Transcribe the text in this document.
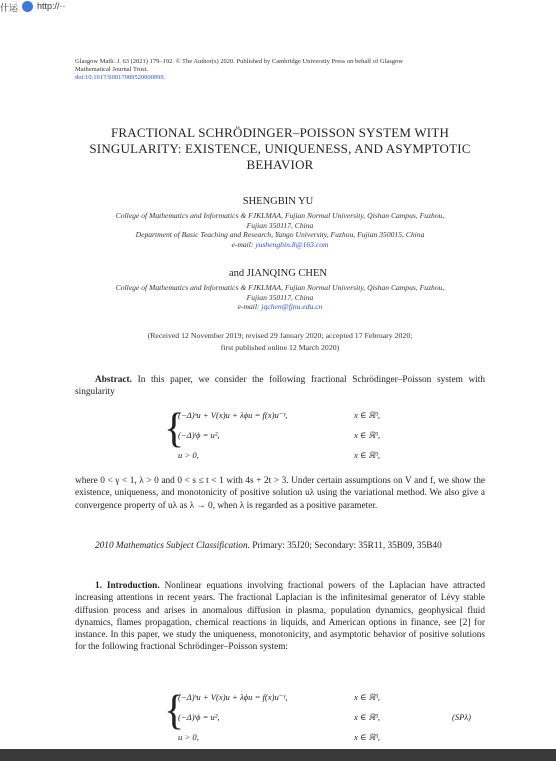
什运 http://··
Glasgow Math. J. 63 (2021) 179–192. © The Author(s) 2020. Published by Cambridge University Press on behalf of Glasgow
Mathematical Journal Trust.
doi:10.1017/S0017089520000099.
FRACTIONAL SCHRÖDINGER–POISSON SYSTEM WITH
SINGULARITY: EXISTENCE, UNIQUENESS, AND ASYMPTOTIC
BEHAVIOR
SHENGBIN YU
College of Mathematics and Informatics & FJKLMAA, Fujian Normal University, Qishan Campus, Fuzhou,
Fujian 350117, China
Department of Basic Teaching and Research, Yango University, Fuzhou, Fujian 350015, China
e-mail: yushengbin.8@163.com
and JIANQING CHEN
College of Mathematics and Informatics & FJKLMAA, Fujian Normal University, Qishan Campus, Fuzhou,
Fujian 350117, China
e-mail: jqchen@fjnu.edu.cn
(Received 12 November 2019; revised 29 January 2020; accepted 17 February 2020;
first published online 12 March 2020)
Abstract. In this paper, we consider the following fractional Schrödinger–Poisson system with singularity
{
(−Δ)ˢu + V(x)u + λϕu = f(x)u⁻ᵞ,
(−Δ)ᵗϕ = u²,
u > 0,
x ∈ ℝ³,
x ∈ ℝ³,
x ∈ ℝ³,
where 0 < γ < 1, λ > 0 and 0 < s ≤ t < 1 with 4s + 2t > 3. Under certain assumptions on V and f, we show the existence, uniqueness, and monotonicity of positive solution uλ using the variational method. We also give a convergence property of uλ as λ → 0, when λ is regarded as a positive parameter.
2010 Mathematics Subject Classification. Primary: 35J20; Secondary: 35R11, 35B09, 35B40
1. Introduction. Nonlinear equations involving fractional powers of the Laplacian have attracted increasing attentions in recent years. The fractional Laplacian is the infinitesimal generator of Lévy stable diffusion process and arises in anomalous diffusion in plasma, population dynamics, geophysical fluid dynamics, flames propagation, chemical reactions in liquids, and American options in finance, see [2] for instance. In this paper, we study the uniqueness, monotonicity, and asymptotic behavior of positive solutions for the following fractional Schrödinger–Poisson system:
{
(−Δ)ˢu + V(x)u + λϕu = f(x)u⁻ᵞ,
(−Δ)ᵗϕ = u²,
u > 0,
x ∈ ℝ³,
x ∈ ℝ³,
x ∈ ℝ³,
(SPλ)
